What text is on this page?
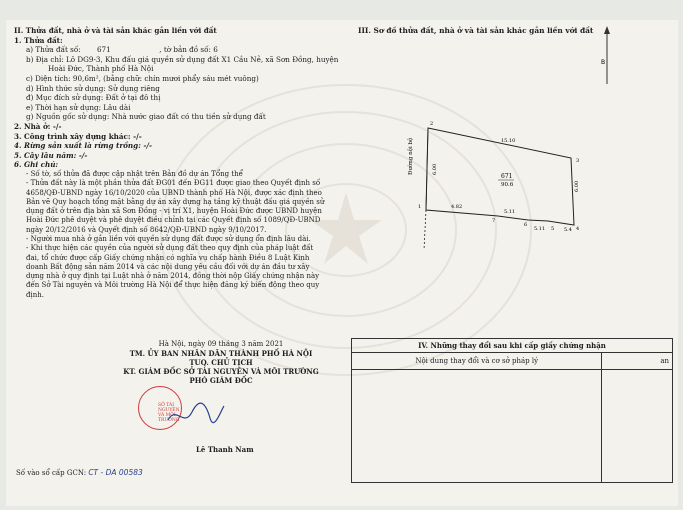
II. Thửa đất, nhà ở và tài sản khác gắn liền với đất
1. Thửa đất:
a) Thửa đất số: 671	, tờ bản đồ số: 6
b) Địa chỉ: Lô DG9-3, Khu đấu giá quyền sử dụng đất X1 Cầu Nẻ, xã Sơn Đồng, huyện
Hoài Đức, Thành phố Hà Nội
c) Diện tích: 90,6m², (bằng chữ: chín mươi phẩy sáu mét vuông)
d) Hình thức sử dụng: Sử dụng riêng
đ) Mục đích sử dụng: Đất ở tại đô thị
e) Thời hạn sử dụng: Lâu dài
g) Nguồn gốc sử dụng: Nhà nước giao đất có thu tiền sử dụng đất
2. Nhà ở: -/-
3. Công trình xây dựng khác: -/-
4. Rừng sản xuất là rừng trồng: -/-
5. Cây lâu năm: -/-
6. Ghi chú:
- Số tờ, số thửa đã được cập nhật trên Bản đồ dự án Tổng thể
- Thửa đất này là một phần thửa đất ĐG01 đến ĐG11 được giao theo Quyết định số 4658/QĐ-UBND ngày 16/10/2020 của UBND thành phố Hà Nội, được xác định theo Bản vẽ Quy hoạch tổng mặt bằng dự án xây dựng hạ tầng kỹ thuật đấu giá quyền sử dụng đất ở trên địa bàn xã Sơn Đồng - vị trí X1, huyện Hoài Đức được UBND huyện Hoài Đức phê duyệt và phê duyệt điều chỉnh tại các Quyết định số 1089/QĐ-UBND ngày 20/12/2016 và Quyết định số 8642/QĐ-UBND ngày 9/10/2017.
- Người mua nhà ở gắn liền với quyền sử dụng đất được sử dụng ổn định lâu dài.
- Khi thực hiện các quyền của người sử dụng đất theo quy định của pháp luật đất đai, tổ chức được cấp Giấy chứng nhận có nghĩa vụ chấp hành Điều 8 Luật Kinh doanh Bất động sản năm 2014 và các nội dung yêu cầu đối với dự án đầu tư xây dựng nhà ở quy định tại Luật nhà ở năm 2014, đồng thời nộp Giấy chứng nhận này đến Sở Tài nguyên và Môi trường Hà Nội để thực hiện đăng ký biến động theo quy định.
III. Sơ đồ thửa đất, nhà ở và tài sản khác gắn liền với đất
B
Đường nội bộ
671
90.6
15.10
6.00
6.00
4.82
5.11
5.11	5.4
2
3
4
5
6
7
1
Hà Nội, ngày 09 tháng 3 năm 2021
TM. ỦY BAN NHÂN DÂN THÀNH PHỐ HÀ NỘI
TUQ. CHỦ TỊCH
KT. GIÁM ĐỐC SỞ TÀI NGUYÊN VÀ MÔI TRƯỜNG
PHÓ GIÁM ĐỐC
SỞ TÀI NGUYÊN VÀ MÔI TRƯỜNG
Lê Thanh Nam
Số vào sổ cấp GCN: CT - DA 00583
IV. Những thay đổi sau khi cấp giấy chứng nhận	
Nội dung thay đổi và cơ sở pháp lý	an
